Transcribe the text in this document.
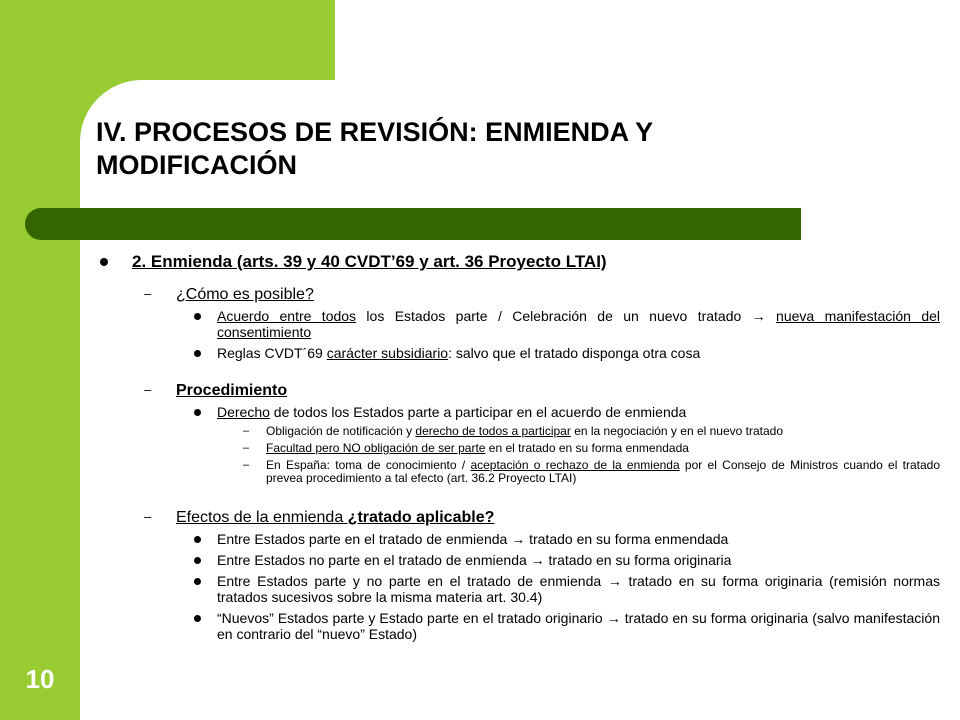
IV. PROCESOS DE REVISIÓN: ENMIENDA Y MODIFICACIÓN
10
2. Enmienda (arts. 39 y 40 CVDT’69 y art. 36 Proyecto LTAI)
– ¿Cómo es posible?
Acuerdo entre todos los Estados parte / Celebración de un nuevo tratado → nueva manifestación del consentimiento
Reglas CVDT´69 carácter subsidiario: salvo que el tratado disponga otra cosa
– Procedimiento
Derecho de todos los Estados parte a participar en el acuerdo de enmienda
– Obligación de notificación y derecho de todos a participar en la negociación y en el nuevo tratado
– Facultad pero NO obligación de ser parte en el tratado en su forma enmendada
– En España: toma de conocimiento / aceptación o rechazo de la enmienda por el Consejo de Ministros cuando el tratado prevea procedimiento a tal efecto (art. 36.2 Proyecto LTAI)
– Efectos de la enmienda ¿tratado aplicable?
Entre Estados parte en el tratado de enmienda → tratado en su forma enmendada
Entre Estados no parte en el tratado de enmienda → tratado en su forma originaria
Entre Estados parte y no parte en el tratado de enmienda → tratado en su forma originaria (remisión normas tratados sucesivos sobre la misma materia art. 30.4)
“Nuevos” Estados parte y Estado parte en el tratado originario → tratado en su forma originaria (salvo manifestación en contrario del “nuevo” Estado)
